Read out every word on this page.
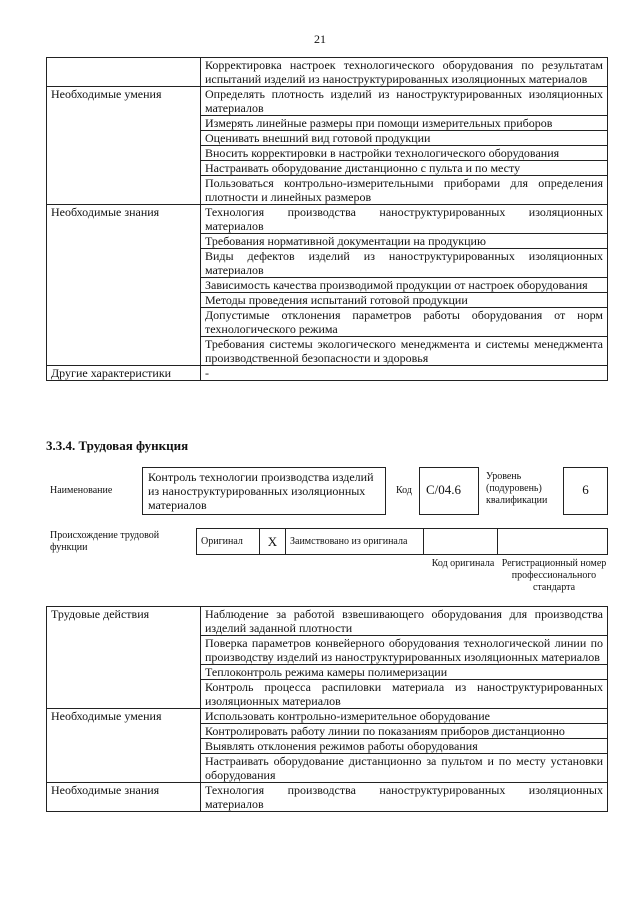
21
	Корректировка настроек технологического оборудования по результатам испытаний изделий из наноструктурированных изоляционных материалов
Необходимые умения	Определять плотность изделий из наноструктурированных изоляционных материалов
	Измерять линейные размеры при помощи измерительных приборов
	Оценивать внешний вид готовой продукции
	Вносить корректировки в настройки технологического оборудования
	Настраивать оборудование дистанционно с пульта и по месту
	Пользоваться контрольно-измерительными приборами для определения плотности и линейных размеров
Необходимые знания	Технология производства наноструктурированных изоляционных материалов
	Требования нормативной документации на продукцию
	Виды дефектов изделий из наноструктурированных изоляционных материалов
	Зависимость качества производимой продукции от настроек оборудования
	Методы проведения испытаний готовой продукции
	Допустимые отклонения параметров работы оборудования от норм технологического режима
	Требования системы экологического менеджмента и системы менеджмента производственной безопасности и здоровья
Другие характеристики	-
3.3.4. Трудовая функция
Наименование
Контроль технологии производства изделий из наноструктурированных изоляционных материалов
Код	С/04.6
Уровень (подуровень) квалификации
6
Происхождение трудовой функции
Оригинал	Х	Заимствовано из оригинала
Код оригинала Регистрационный номер профессионального стандарта
Трудовые действия	Наблюдение за работой взвешивающего оборудования для производства изделий заданной плотности
	Поверка параметров конвейерного оборудования технологической линии по производству изделий из наноструктурированных изоляционных материалов
	Теплоконтроль режима камеры полимеризации
	Контроль процесса распиловки материала из наноструктурированных изоляционных материалов
Необходимые умения	Использовать контрольно-измерительное оборудование
	Контролировать работу линии по показаниям приборов дистанционно
	Выявлять отклонения режимов работы оборудования
	Настраивать оборудование дистанционно за пультом и по месту установки оборудования
Необходимые знания	Технология производства наноструктурированных изоляционных материалов
